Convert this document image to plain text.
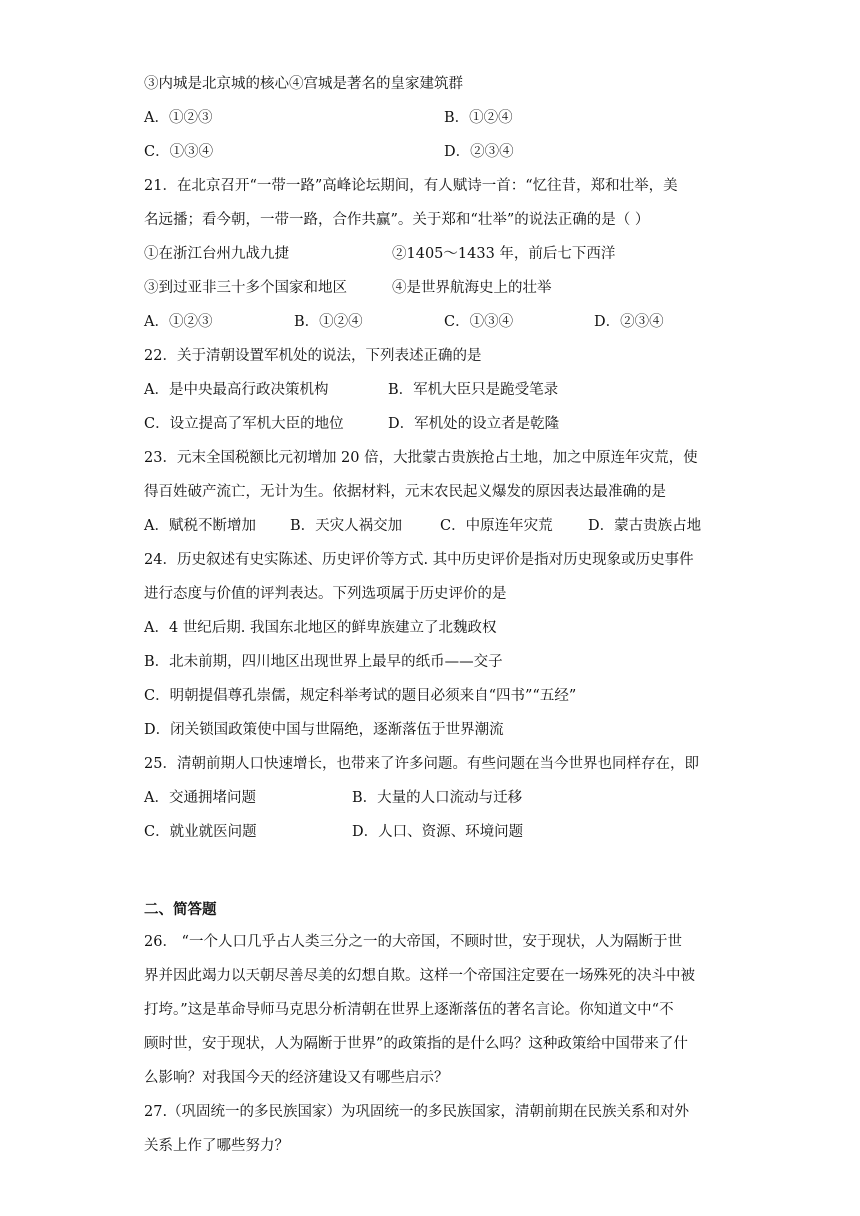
③内城是北京城的核心④宫城是著名的皇家建筑群
A．①②③	B．①②④
C．①③④	D．②③④
21．在北京召开“一带一路”高峰论坛期间，有人赋诗一首：“忆往昔，郑和壮举，美
名远播；看今朝，一带一路，合作共赢”。关于郑和“壮举”的说法正确的是（ ）
①在浙江台州九战九捷	②1405～1433 年，前后七下西洋
③到过亚非三十多个国家和地区	④是世界航海史上的壮举
A．①②③	B．①②④	C．①③④	D．②③④
22．关于清朝设置军机处的说法，下列表述正确的是
A．是中央最高行政决策机构	B．军机大臣只是跪受笔录
C．设立提高了军机大臣的地位	D．军机处的设立者是乾隆
23．元末全国税额比元初增加 20 倍，大批蒙古贵族抢占土地，加之中原连年灾荒，使
得百姓破产流亡，无计为生。依据材料，元末农民起义爆发的原因表达最准确的是
A．赋税不断增加 B．天灾人祸交加	C．中原连年灾荒 D．蒙古贵族占地
24．历史叙述有史实陈述、历史评价等方式. 其中历史评价是指对历史现象或历史事件
进行态度与价值的评判表达。下列选项属于历史评价的是
A．4 世纪后期. 我国东北地区的鲜卑族建立了北魏政权
B．北未前期，四川地区出现世界上最早的纸币——交子
C．明朝提倡尊孔崇儒，规定科举考试的题目必须来自“四书”“五经”
D．闭关锁国政策使中国与世隔绝，逐渐落伍于世界潮流
25．清朝前期人口快速增长，也带来了许多问题。有些问题在当今世界也同样存在，即
A．交通拥堵问题	B．大量的人口流动与迁移
C．就业就医问题	D．人口、资源、环境问题
二、简答题
26． “一个人口几乎占人类三分之一的大帝国，不顾时世，安于现状，人为隔断于世
界并因此竭力以天朝尽善尽美的幻想自欺。这样一个帝国注定要在一场殊死的决斗中被
打垮。”这是革命导师马克思分析清朝在世界上逐渐落伍的著名言论。你知道文中“不
顾时世，安于现状，人为隔断于世界”的政策指的是什么吗？这种政策给中国带来了什
么影响？对我国今天的经济建设又有哪些启示？
27.（巩固统一的多民族国家）为巩固统一的多民族国家，清朝前期在民族关系和对外
关系上作了哪些努力？
